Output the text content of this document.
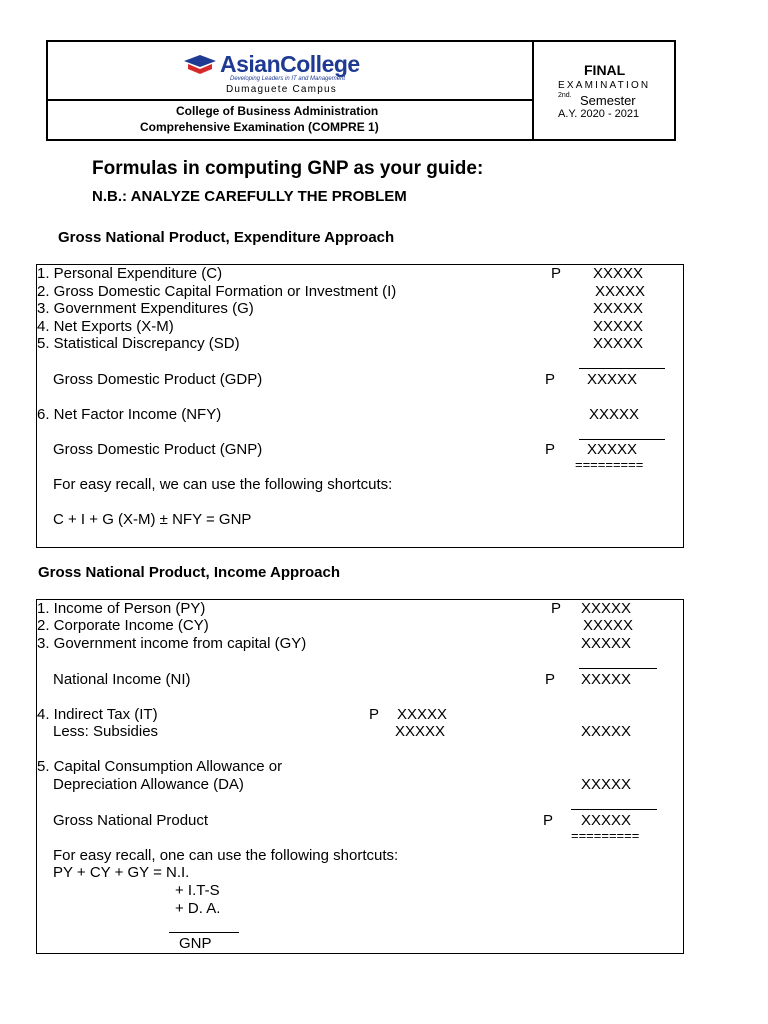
AsianCollege
Developing Leaders in IT and Management
Dumaguete Campus
College of Business Administration
Comprehensive Examination (COMPRE 1)
FINAL
EXAMINATION
2nd. Semester
A.Y. 2020 - 2021
Formulas in computing GNP as your guide:
N.B.: ANALYZE CAREFULLY THE PROBLEM
Gross National Product, Expenditure Approach
1. Personal Expenditure (C)	P XXXXX
2. Gross Domestic Capital Formation or Investment (I)	XXXXX
3. Government Expenditures (G)	XXXXX
4. Net Exports (X-M)	XXXXX
5. Statistical Discrepancy (SD)	XXXXX
Gross Domestic Product (GDP)	P XXXXX
6. Net Factor Income (NFY)	XXXXX
Gross Domestic Product (GNP)	P XXXXX
=========
For easy recall, we can use the following shortcuts:
C + I + G (X-M) ± NFY = GNP
Gross National Product, Income Approach
1. Income of Person (PY)	P XXXXX
2. Corporate Income (CY)	XXXXX
3. Government income from capital (GY)	XXXXX
National Income (NI)	P XXXXX
4. Indirect Tax (IT)	P XXXXX
Less: Subsidies	XXXXX	XXXXX
5. Capital Consumption Allowance or
Depreciation Allowance (DA)	XXXXX
Gross National Product	P XXXXX
=========
For easy recall, one can use the following shortcuts:
PY + CY + GY = N.I.
+ I.T-S
+ D. A.
GNP
